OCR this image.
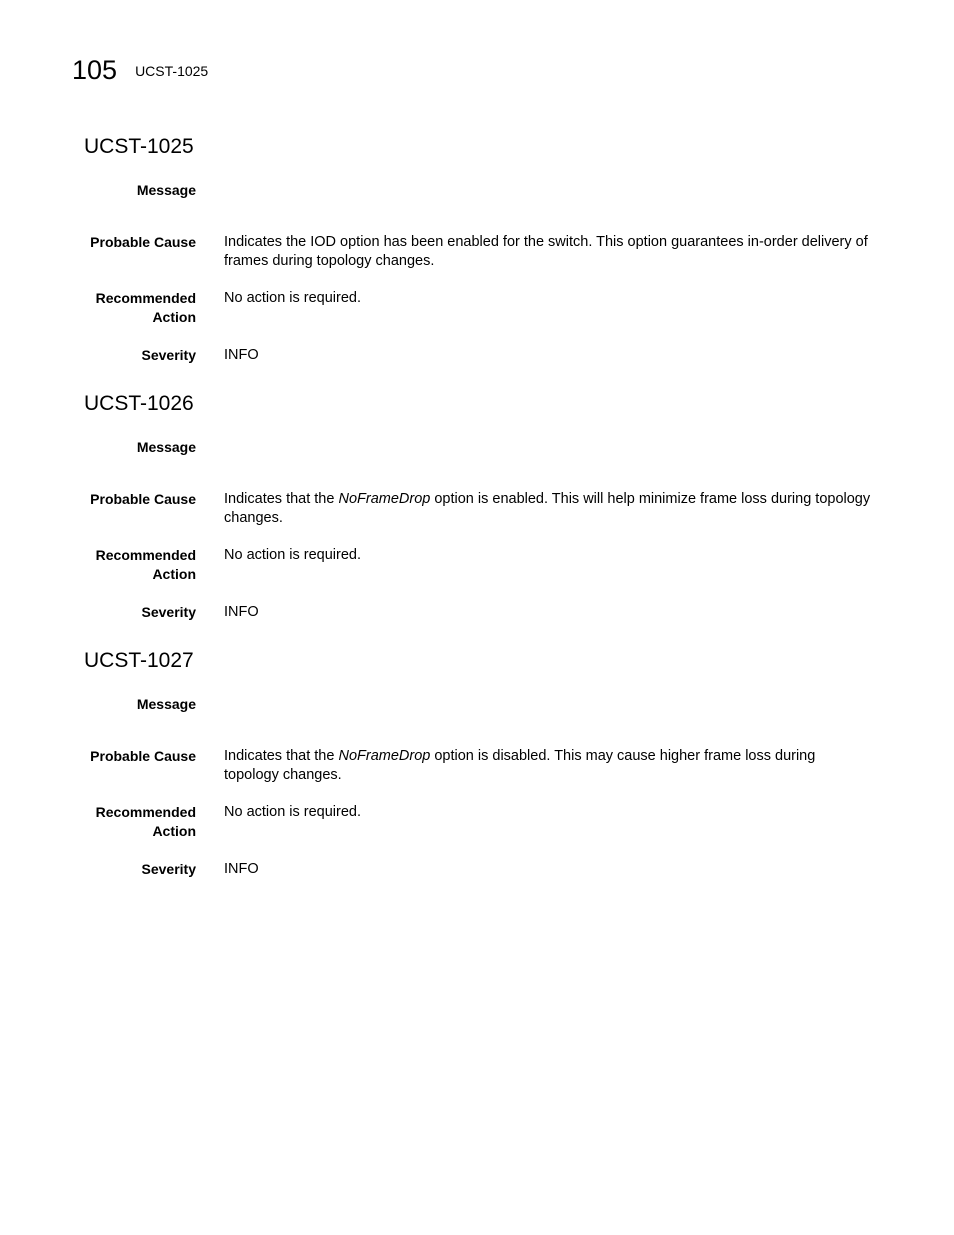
105 UCST-1025
UCST-1025
Message
Probable Cause Indicates the IOD option has been enabled for the switch. This option guarantees in-order delivery of frames during topology changes.
Recommended Action
No action is required.
Severity INFO
UCST-1026
Message
Probable Cause Indicates that the NoFrameDrop option is enabled. This will help minimize frame loss during topology changes.
Recommended Action
No action is required.
Severity INFO
UCST-1027
Message
Probable Cause Indicates that the NoFrameDrop option is disabled. This may cause higher frame loss during topology changes.
Recommended Action
No action is required.
Severity INFO
